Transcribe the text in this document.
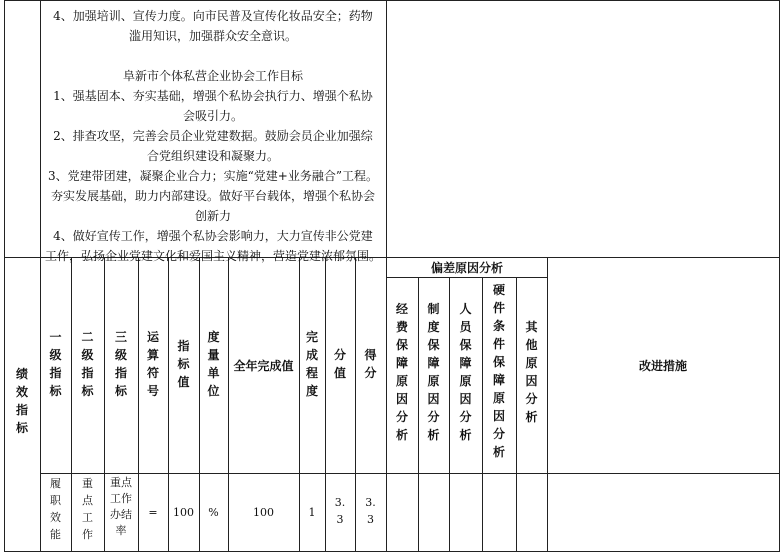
4、加强培训、宣传力度。向市民普及宣传化妆品安全；药物
滥用知识，加强群众安全意识。
阜新市个体私营企业协会工作目标
1、强基固本、夯实基础，增强个私协会执行力、增强个私协
会吸引力。
2、排查攻坚，完善会员企业党建数据。鼓励会员企业加强综
合党组织建设和凝聚力。
3、党建带团建，凝聚企业合力；实施“党建+业务融合”工程。
夯实发展基础，助力内部建设。做好平台载体，增强个私协会
创新力
4、做好宣传工作，增强个私协会影响力，大力宣传非公党建
工作，弘扬企业党建文化和爱国主义精神，营造党建浓郁氛围。
绩
效
指
标
一
级
指
标
二
级
指
标
三
级
指
标
运
算
符
号
指
标
值
度
量
单
位
全年完成值
完
成
程
度
分
值
得
分
偏差原因分析
经
费
保
障
原
因
分
析
制
度
保
障
原
因
分
析
人
员
保
障
原
因
分
析
硬
件
条
件
保
障
原
因
分
析
其
他
原
因
分
析
改进措施
履
职
效
能
重
点
工
作
重点
工作
办结
率
= 100 %	100	1
3.
3
3.
3
